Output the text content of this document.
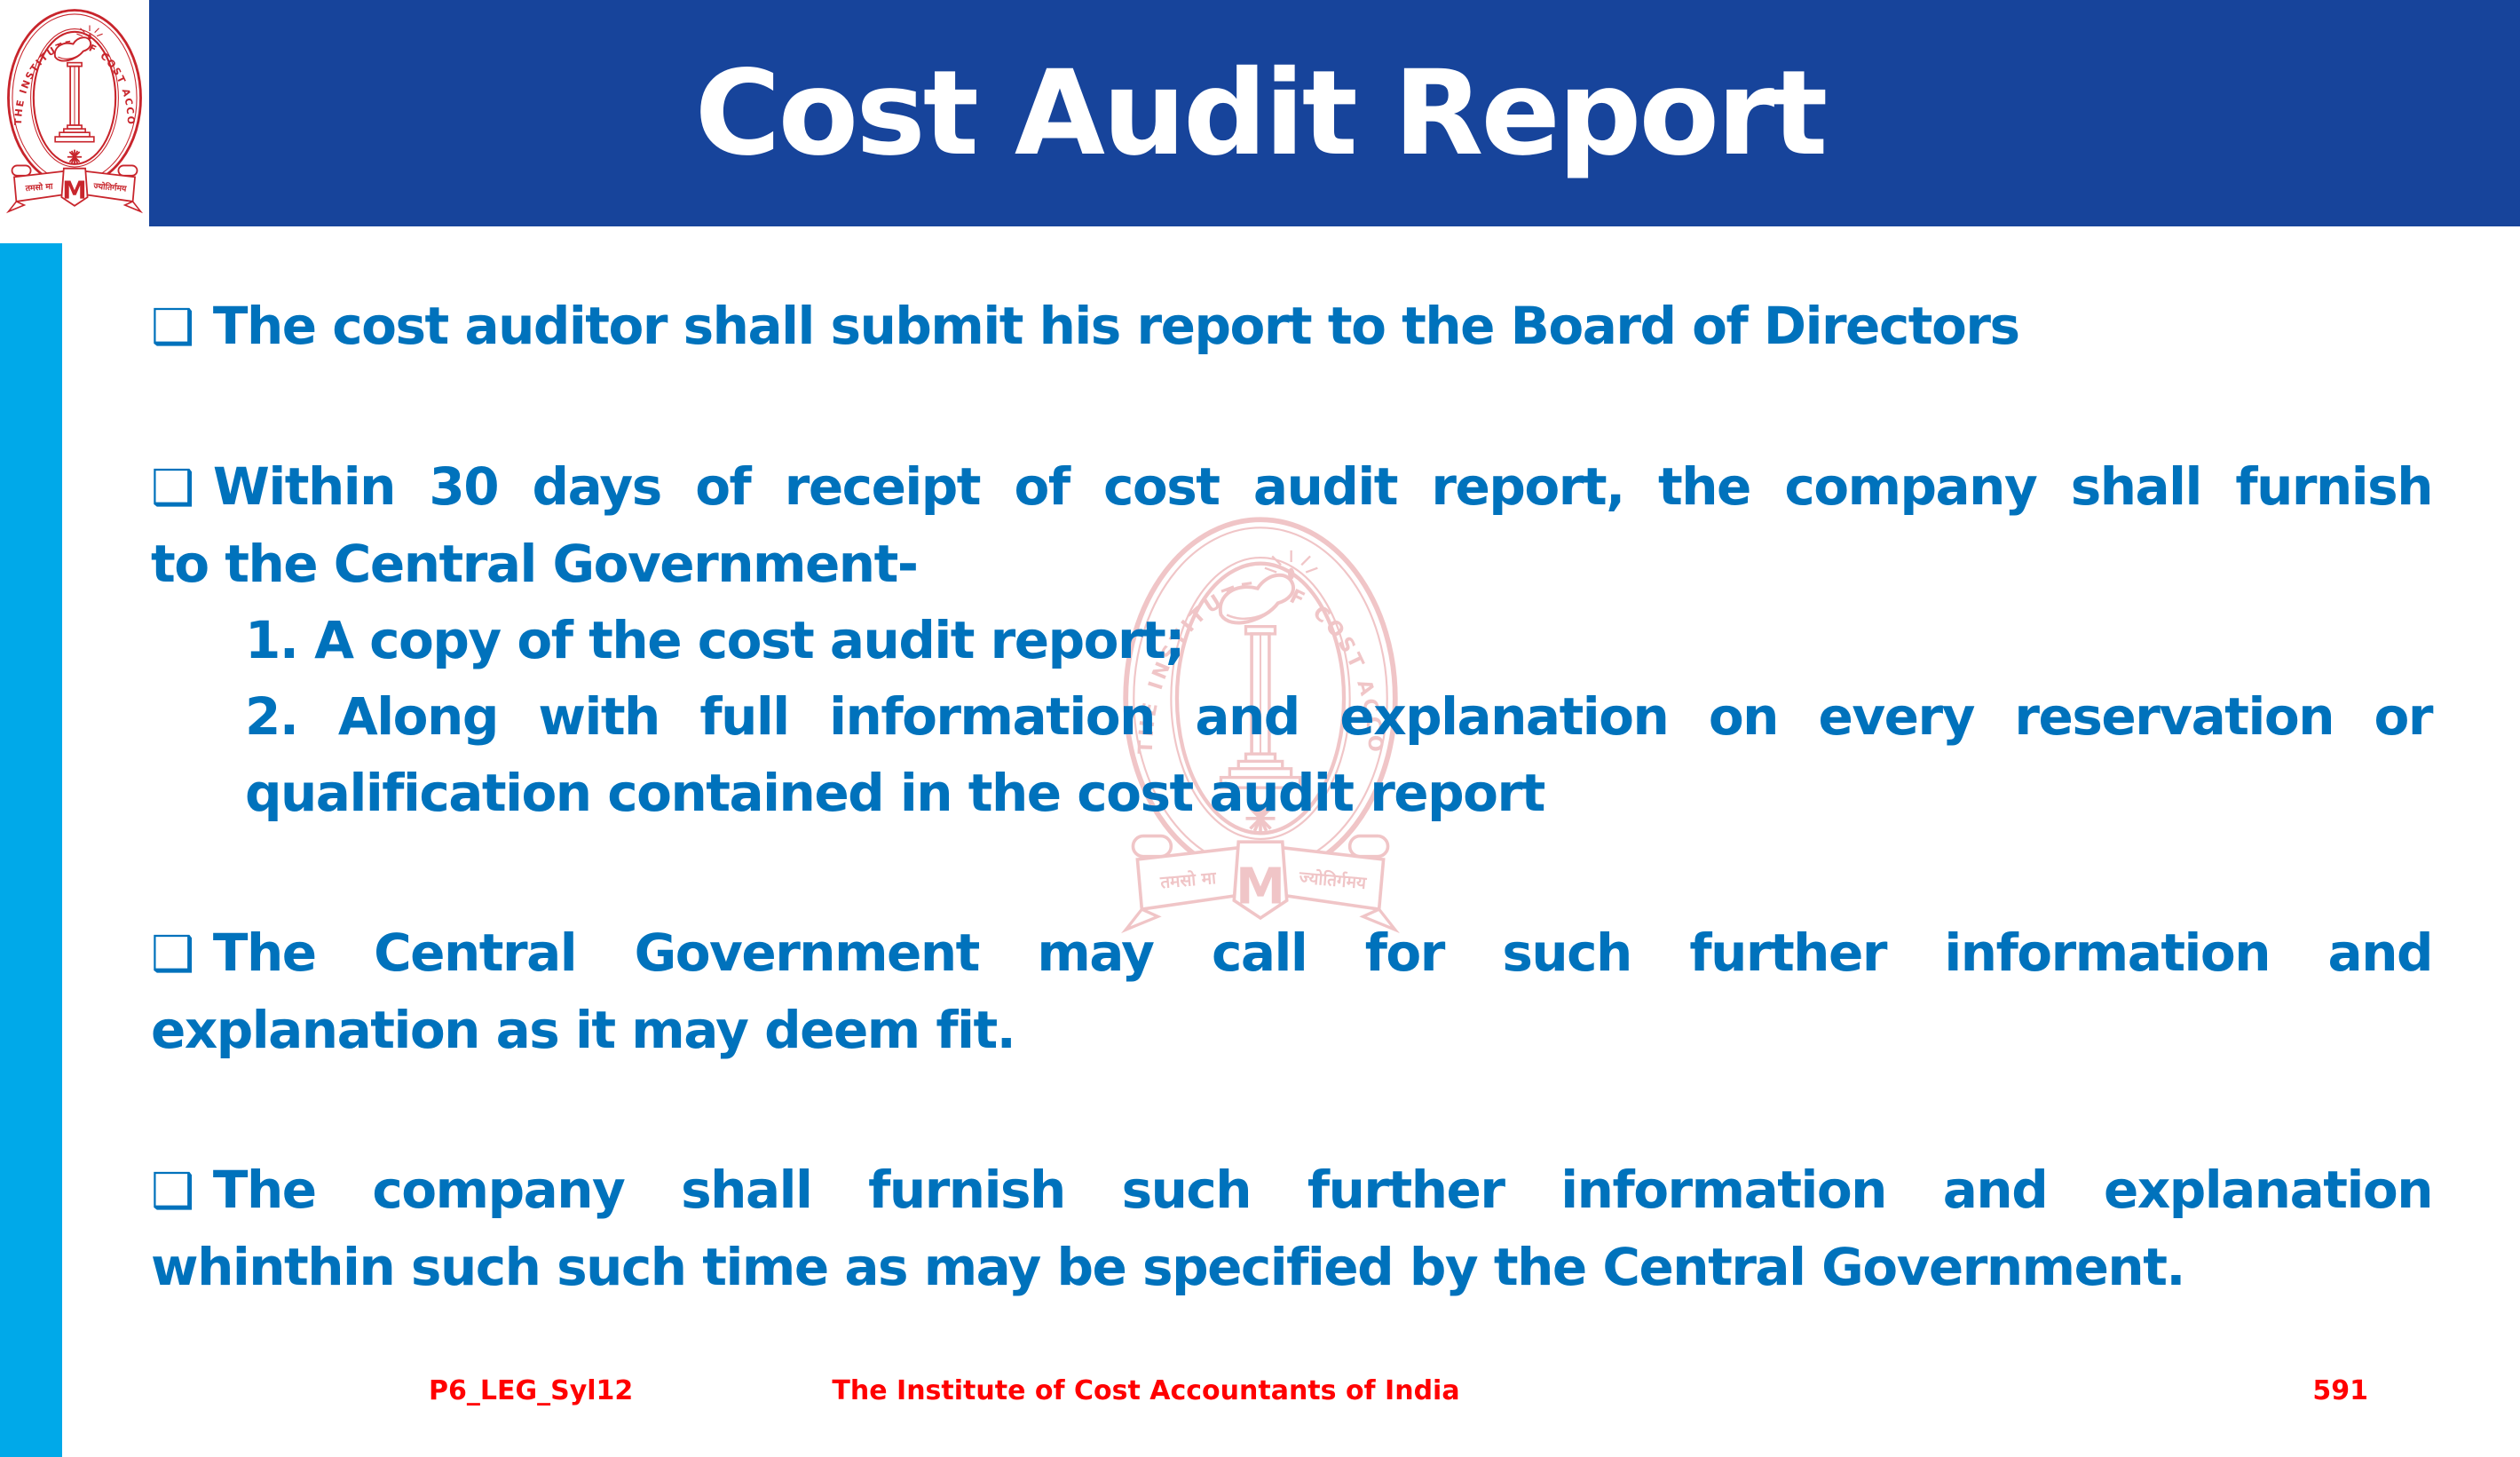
Cost Audit Report
❑ The cost auditor shall submit his report to the Board of Directors
❑ Within 30 days of receipt of cost audit report, the company shall furnish
to the Central Government-
1. A copy of the cost audit report;
2. Along with full information and explanation on every reservation or
qualification contained in the cost audit report
❑ The Central Government may call for such further information and
explanation as it may deem fit.
❑ The company shall furnish such further information and explanation
whinthin such such time as may be specified by the Central Government.
P6_LEG_Syl12	The Institute of Cost Accountants of India	591
